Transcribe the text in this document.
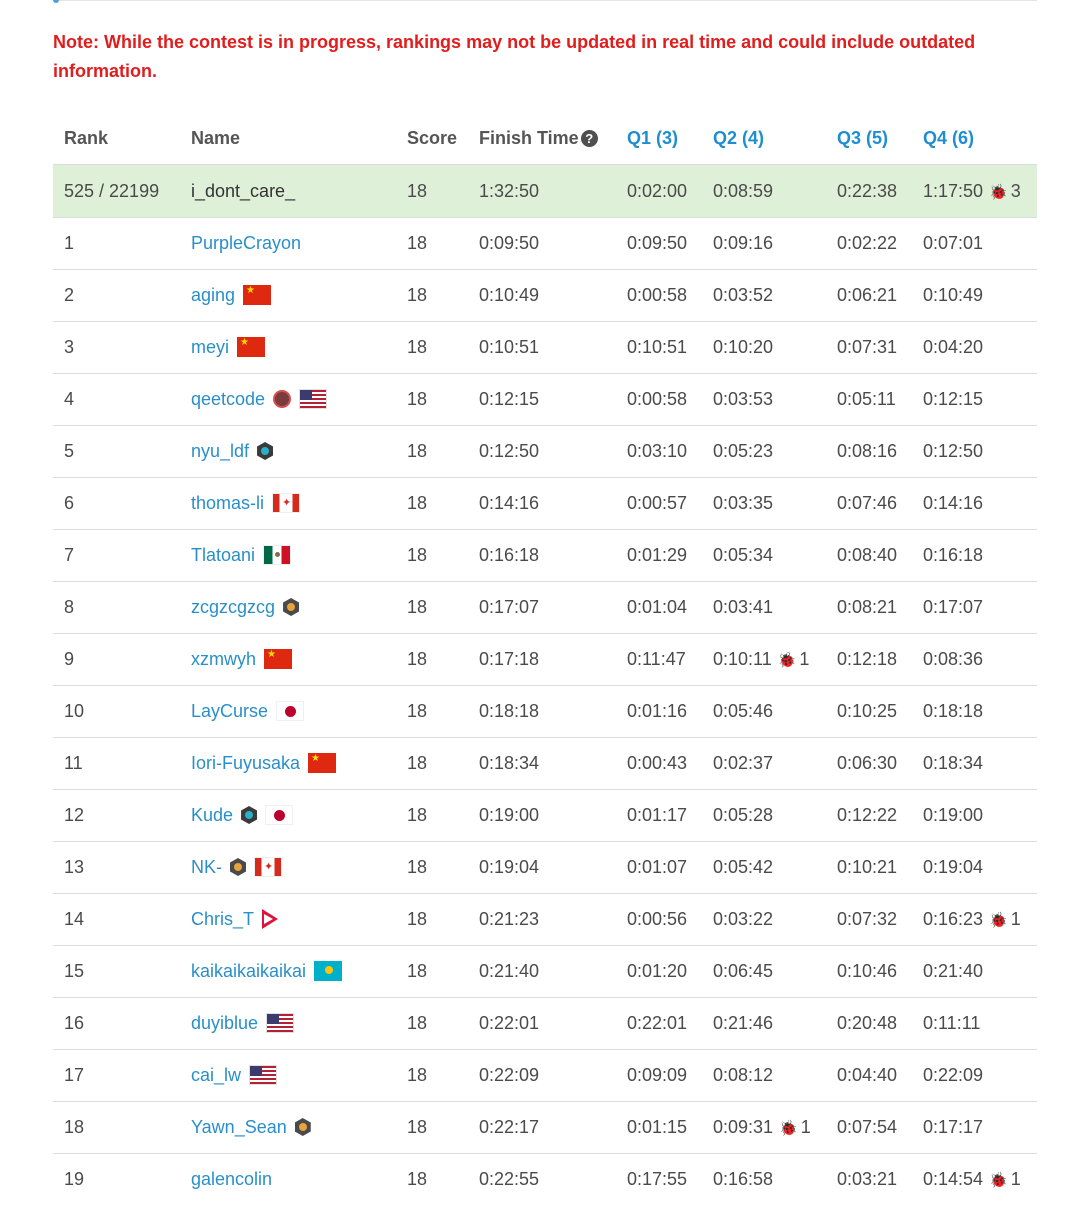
Note: While the contest is in progress, rankings may not be updated in real time and could include outdated information.
Rank	Name	Score	Finish Time ?	Q1 (3)	Q2 (4)	Q3 (5)	Q4 (6)
525 / 22199	i_dont_care_	18	1:32:50	0:02:00	0:08:59	0:22:38	1:17:50 🐞 3
1	PurpleCrayon	18	0:09:50	0:09:50	0:09:16	0:02:22	0:07:01
2	aging★	18	0:10:49	0:00:58	0:03:52	0:06:21	0:10:49
3	meyi★	18	0:10:51	0:10:51	0:10:20	0:07:31	0:04:20
4	qeetcode	18	0:12:15	0:00:58	0:03:53	0:05:11	0:12:15
5	nyu_ldf	18	0:12:50	0:03:10	0:05:23	0:08:16	0:12:50
6	thomas-li✦	18	0:14:16	0:00:57	0:03:35	0:07:46	0:14:16
7	Tlatoani	18	0:16:18	0:01:29	0:05:34	0:08:40	0:16:18
8	zcgzcgzcg	18	0:17:07	0:01:04	0:03:41	0:08:21	0:17:07
9	xzmwyh★	18	0:17:18	0:11:47	0:10:11 🐞 1	0:12:18	0:08:36
10	LayCurse	18	0:18:18	0:01:16	0:05:46	0:10:25	0:18:18
11	Iori-Fuyusaka★	18	0:18:34	0:00:43	0:02:37	0:06:30	0:18:34
12	Kude	18	0:19:00	0:01:17	0:05:28	0:12:22	0:19:00
13	NK-✦	18	0:19:04	0:01:07	0:05:42	0:10:21	0:19:04
14	Chris_T	18	0:21:23	0:00:56	0:03:22	0:07:32	0:16:23 🐞 1
15	kaikaikaikaikai	18	0:21:40	0:01:20	0:06:45	0:10:46	0:21:40
16	duyiblue	18	0:22:01	0:22:01	0:21:46	0:20:48	0:11:11
17	cai_lw	18	0:22:09	0:09:09	0:08:12	0:04:40	0:22:09
18	Yawn_Sean	18	0:22:17	0:01:15	0:09:31 🐞 1	0:07:54	0:17:17
19	galencolin	18	0:22:55	0:17:55	0:16:58	0:03:21	0:14:54 🐞 1
